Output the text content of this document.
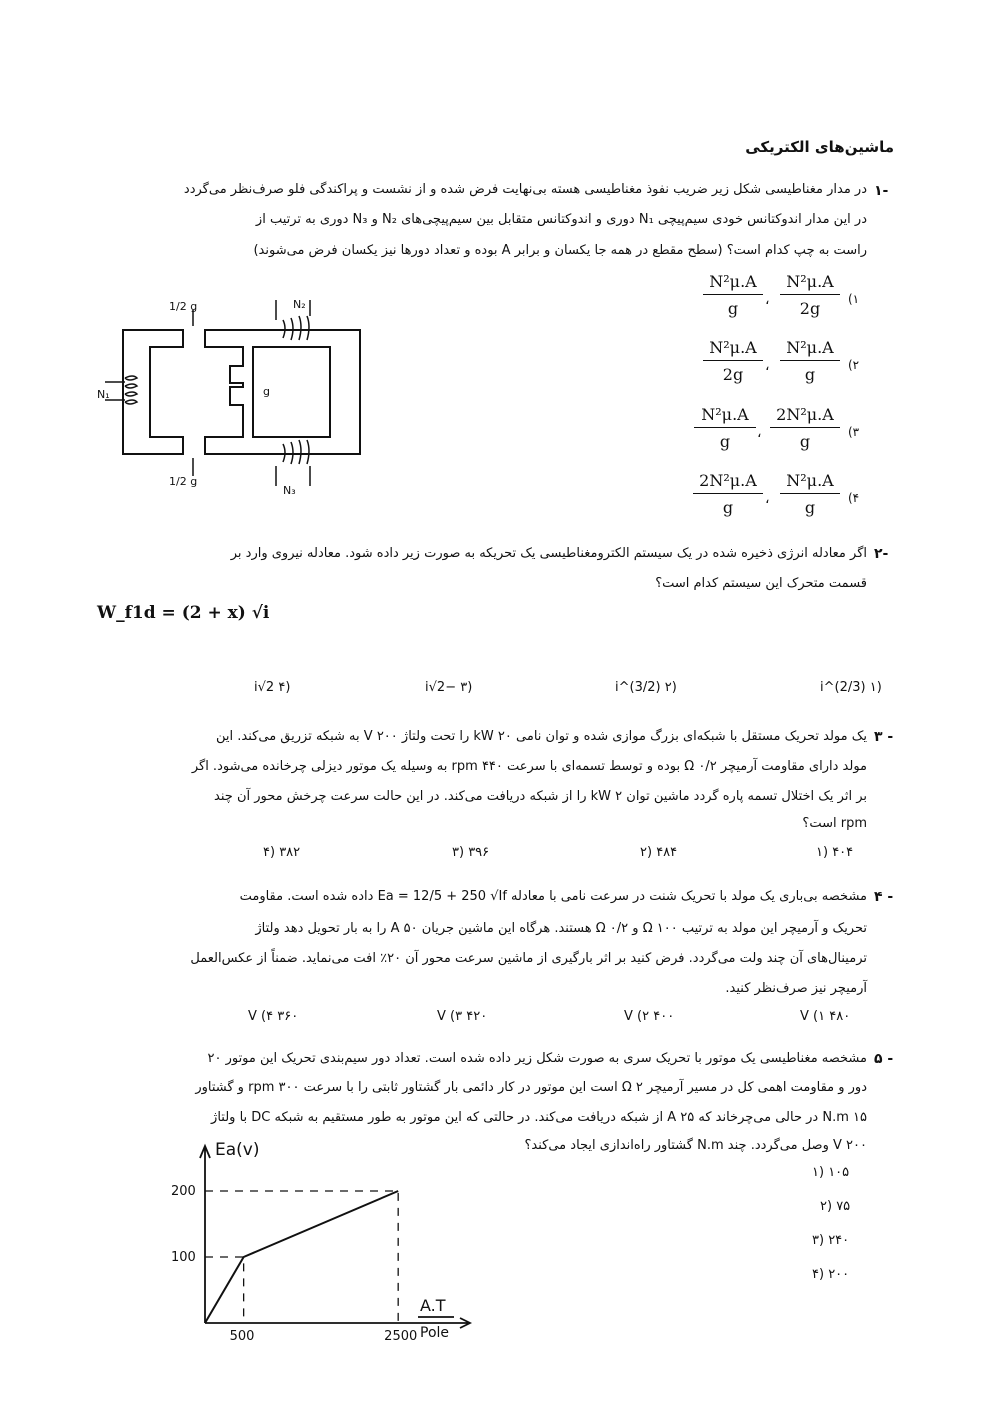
ماشین‌های الکتریکی
۱-
در مدار مغناطیسی شکل زیر ضریب نفوذ مغناطیسی هسته بی‌نهایت فرض شده و از نشست و پراکندگی فلو صرف‌نظر می‌گردد
در این مدار اندوکتانس خودی سیم‌پیچی N₁ دوری و اندوکتانس متقابل بین سیم‌پیچی‌های N₂ و N₃ دوری به ترتیب از
راست به چپ کدام است؟ (سطح مقطع در همه جا یکسان و برابر A بوده و تعداد دورها نیز یکسان فرض می‌شوند)
1/2 g
1/2 g
g
N₁
N₂
N₃
(۱
$\frac{\text{N²μ.A}}{2g}$
،
$\frac{\text{N²μ.A}}{g}$
(۲
$\frac{\text{N²μ.A}}{g}$
،
$\frac{\text{N²μ.A}}{2g}$
(۳
$\frac{\text{2N²μ.A}}{g}$
،
$\frac{\text{N²μ.A}}{g}$
(۴
$\frac{\text{N²μ.A}}{g}$
،
$\frac{\text{2N²μ.A}}{g}$
۲-
اگر معادله انرژی ذخیره شده در یک سیستم الکترومغناطیسی یک تحریکه به صورت زیر داده شود. معادله نیروی وارد بر
قسمت متحرک این سیستم کدام است؟
W_f1d = (2 + x) √i
(۱ i^(2/3)
(۲ i^(3/2)
(۳ −2√i
(۴ 2√i
۳ -
یک مولد تحریک مستقل با شبکه‌ای بزرگ موازی شده و توان نامی ۲۰ kW را تحت ولتاژ ۲۰۰ V به شبکه تزریق می‌کند. این
مولد دارای مقاومت آرمیچر ۰/۲ Ω بوده و توسط تسمه‌ای با سرعت ۴۴۰ rpm به وسیله یک موتور دیزلی چرخانده می‌شود. اگر
بر اثر یک اختلال تسمه پاره گردد ماشین توان ۲ kW را از شبکه دریافت می‌کند. در این حالت سرعت چرخش محور آن چند
rpm است؟
۴۰۴ (۱
۴۸۴ (۲
۳۹۶ (۳
۳۸۲ (۴
۴ -
مشخصه بی‌باری یک مولد با تحریک شنت در سرعت نامی با معادله Ea = 12/5 + 250 √If داده شده است. مقاومت
تحریک و آرمیچر این مولد به ترتیب ۱۰۰ Ω و ۰/۲ Ω هستند. هرگاه این ماشین جریان ۵۰ A را به بار تحویل دهد ولتاژ
ترمینال‌های آن چند ولت می‌گردد. فرض کنید بر اثر بارگیری از ماشین سرعت محور آن ۲۰٪ افت می‌نماید. ضمناً از عکس‌العمل
آرمیچر نیز صرف‌نظر کنید.
۴۸۰ V (۱
۴۰۰ V (۲
۴۲۰ V (۳
۳۶۰ V (۴
۵ -
مشخصه مغناطیسی یک موتور با تحریک سری به صورت شکل زیر داده شده است. تعداد دور سیم‌بندی تحریک این موتور ۲۰
دور و مقاومت اهمی کل در مسیر آرمیچر ۲ Ω است این موتور در کار دائمی بار گشتاور ثابتی را با سرعت ۳۰۰ rpm و گشتاور
۱۵ N.m در حالی می‌چرخاند که ۲۵ A از شبکه دریافت می‌کند. در حالتی که این موتور به طور مستقیم به شبکه DC با ولتاژ
۲۰۰ V وصل می‌گردد. چند N.m گشتاور راه‌اندازی ایجاد می‌کند؟
۱۰۵ (۱
۷۵ (۲
۲۴۰ (۳
۲۰۰ (۴
500	2500
100
200
Ea(v)
A.T
Pole
